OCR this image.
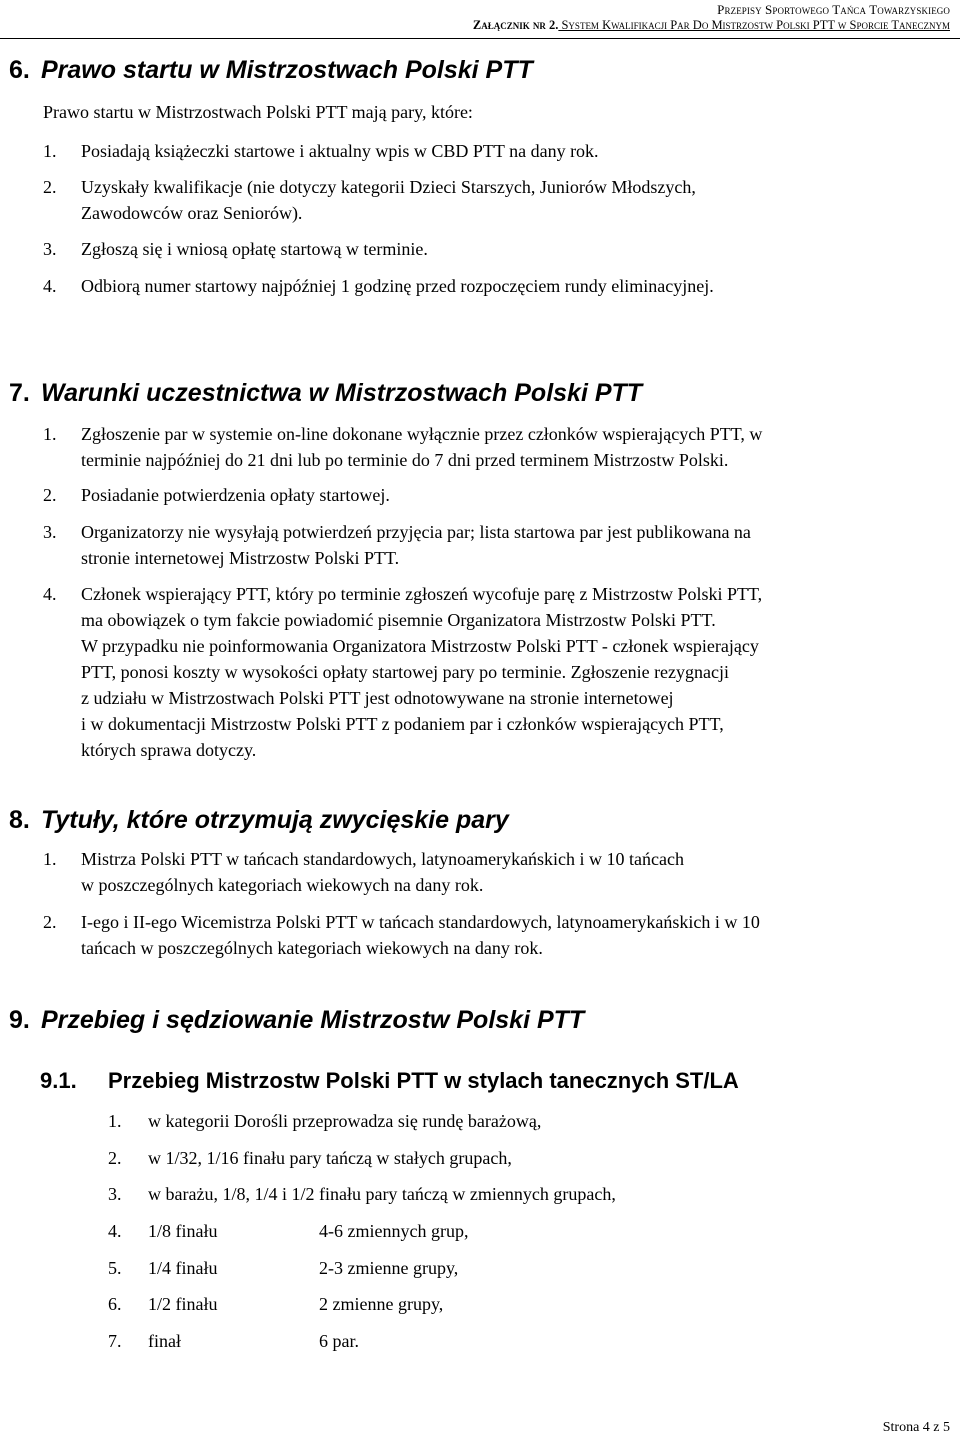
Przepisy Sportowego Tańca Towarzyskiego
Załącznik nr 2. System Kwalifikacji Par Do Mistrzostw Polski PTT w Sporcie Tanecznym
6. Prawo startu w Mistrzostwach Polski PTT
Prawo startu w Mistrzostwach Polski PTT mają pary, które:
1. Posiadają książeczki startowe i aktualny wpis w CBD PTT na dany rok.
2. Uzyskały kwalifikacje (nie dotyczy kategorii Dzieci Starszych, Juniorów Młodszych,
Zawodowców oraz Seniorów).
3. Zgłoszą się i wniosą opłatę startową w terminie.
4. Odbiorą numer startowy najpóźniej 1 godzinę przed rozpoczęciem rundy eliminacyjnej.
7. Warunki uczestnictwa w Mistrzostwach Polski PTT
1. Zgłoszenie par w systemie on-line dokonane wyłącznie przez członków wspierających PTT, w
terminie najpóźniej do 21 dni lub po terminie do 7 dni przed terminem Mistrzostw Polski.
2. Posiadanie potwierdzenia opłaty startowej.
3. Organizatorzy nie wysyłają potwierdzeń przyjęcia par; lista startowa par jest publikowana na
stronie internetowej Mistrzostw Polski PTT.
4. Członek wspierający PTT, który po terminie zgłoszeń wycofuje parę z Mistrzostw Polski PTT,
ma obowiązek o tym fakcie powiadomić pisemnie Organizatora Mistrzostw Polski PTT.
W przypadku nie poinformowania Organizatora Mistrzostw Polski PTT - członek wspierający
PTT, ponosi koszty w wysokości opłaty startowej pary po terminie. Zgłoszenie rezygnacji
z udziału w Mistrzostwach Polski PTT jest odnotowywane na stronie internetowej
i w dokumentacji Mistrzostw Polski PTT z podaniem par i członków wspierających PTT,
których sprawa dotyczy.
8. Tytuły, które otrzymują zwycięskie pary
1. Mistrza Polski PTT w tańcach standardowych, latynoamerykańskich i w 10 tańcach
w poszczególnych kategoriach wiekowych na dany rok.
2. I-ego i II-ego Wicemistrza Polski PTT w tańcach standardowych, latynoamerykańskich i w 10
tańcach w poszczególnych kategoriach wiekowych na dany rok.
9. Przebieg i sędziowanie Mistrzostw Polski PTT
9.1. Przebieg Mistrzostw Polski PTT w stylach tanecznych ST/LA
1. w kategorii Dorośli przeprowadza się rundę barażową,
2. w 1/32, 1/16 finału pary tańczą w stałych grupach,
3. w barażu, 1/8, 1/4 i 1/2 finału pary tańczą w zmiennych grupach,
4. 1/8 finału	4-6 zmiennych grup,
5. 1/4 finału	2-3 zmienne grupy,
6. 1/2 finału	2 zmienne grupy,
7. finał	6 par.
Strona 4 z 5
